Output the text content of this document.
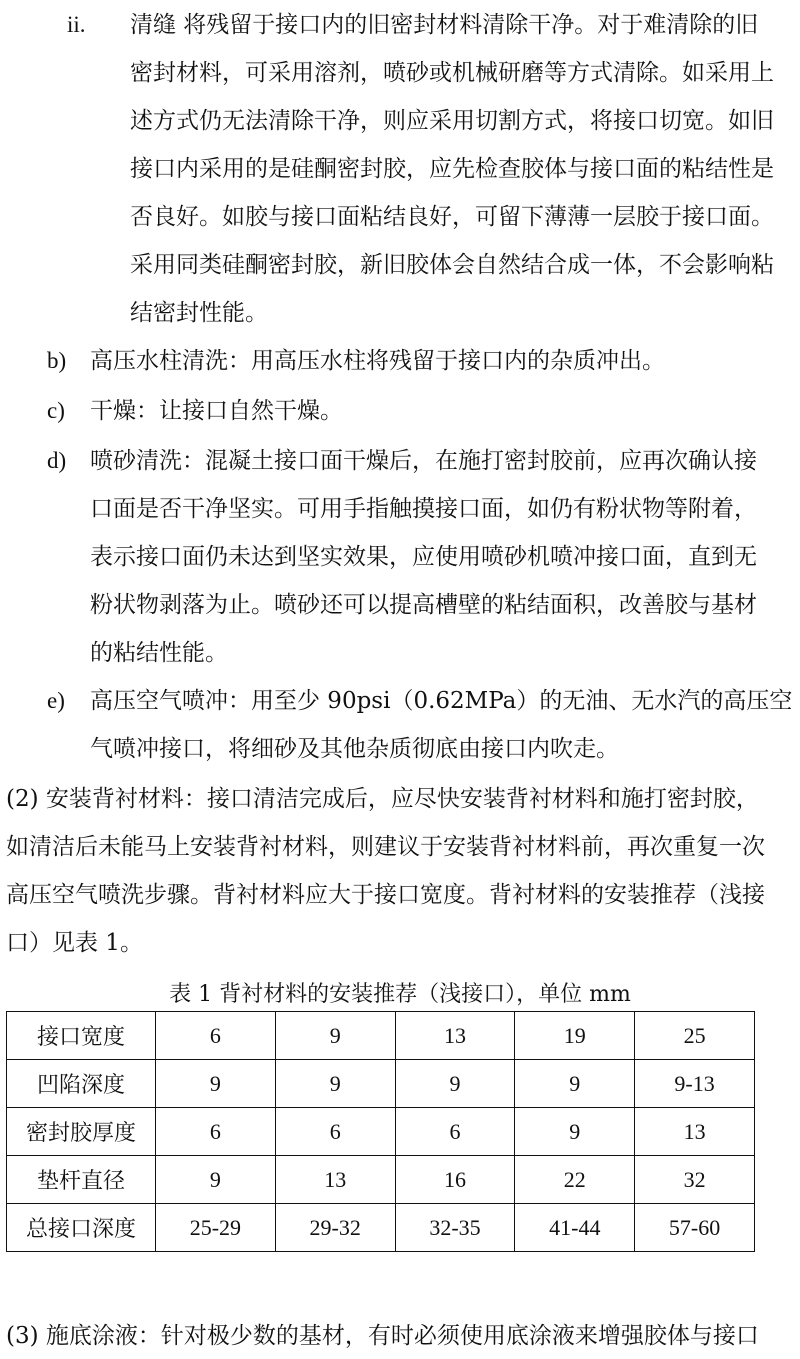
ii. 清缝 将残留于接口内的旧密封材料清除干净。对于难清除的旧
密封材料，可采用溶剂，喷砂或机械研磨等方式清除。如采用上
述方式仍无法清除干净，则应采用切割方式，将接口切宽。如旧
接口内采用的是硅酮密封胶，应先检查胶体与接口面的粘结性是
否良好。如胶与接口面粘结良好，可留下薄薄一层胶于接口面。
采用同类硅酮密封胶，新旧胶体会自然结合成一体，不会影响粘
结密封性能。
b) 高压水柱清洗：用高压水柱将残留于接口内的杂质冲出。
c) 干燥：让接口自然干燥。
d) 喷砂清洗：混凝土接口面干燥后，在施打密封胶前，应再次确认接
口面是否干净坚实。可用手指触摸接口面，如仍有粉状物等附着，
表示接口面仍未达到坚实效果，应使用喷砂机喷冲接口面，直到无
粉状物剥落为止。喷砂还可以提高槽壁的粘结面积，改善胶与基材
的粘结性能。
e) 高压空气喷冲：用至少 90psi（0.62MPa）的无油、无水汽的高压空
气喷冲接口，将细砂及其他杂质彻底由接口内吹走。
(2) 安装背衬材料：接口清洁完成后，应尽快安装背衬材料和施打密封胶，
如清洁后未能马上安装背衬材料，则建议于安装背衬材料前，再次重复一次
高压空气喷洗步骤。背衬材料应大于接口宽度。背衬材料的安装推荐（浅接
口）见表 1。
表 1 背衬材料的安装推荐（浅接口），单位 mm
接口宽度	6	9	13	19	25
凹陷深度	9	9	9	9	9-13
密封胶厚度	6	6	6	9	13
垫杆直径	9	13	16	22	32
总接口深度	25-29	29-32	32-35	41-44	57-60
(3) 施底涂液：针对极少数的基材，有时必须使用底涂液来增强胶体与接口
